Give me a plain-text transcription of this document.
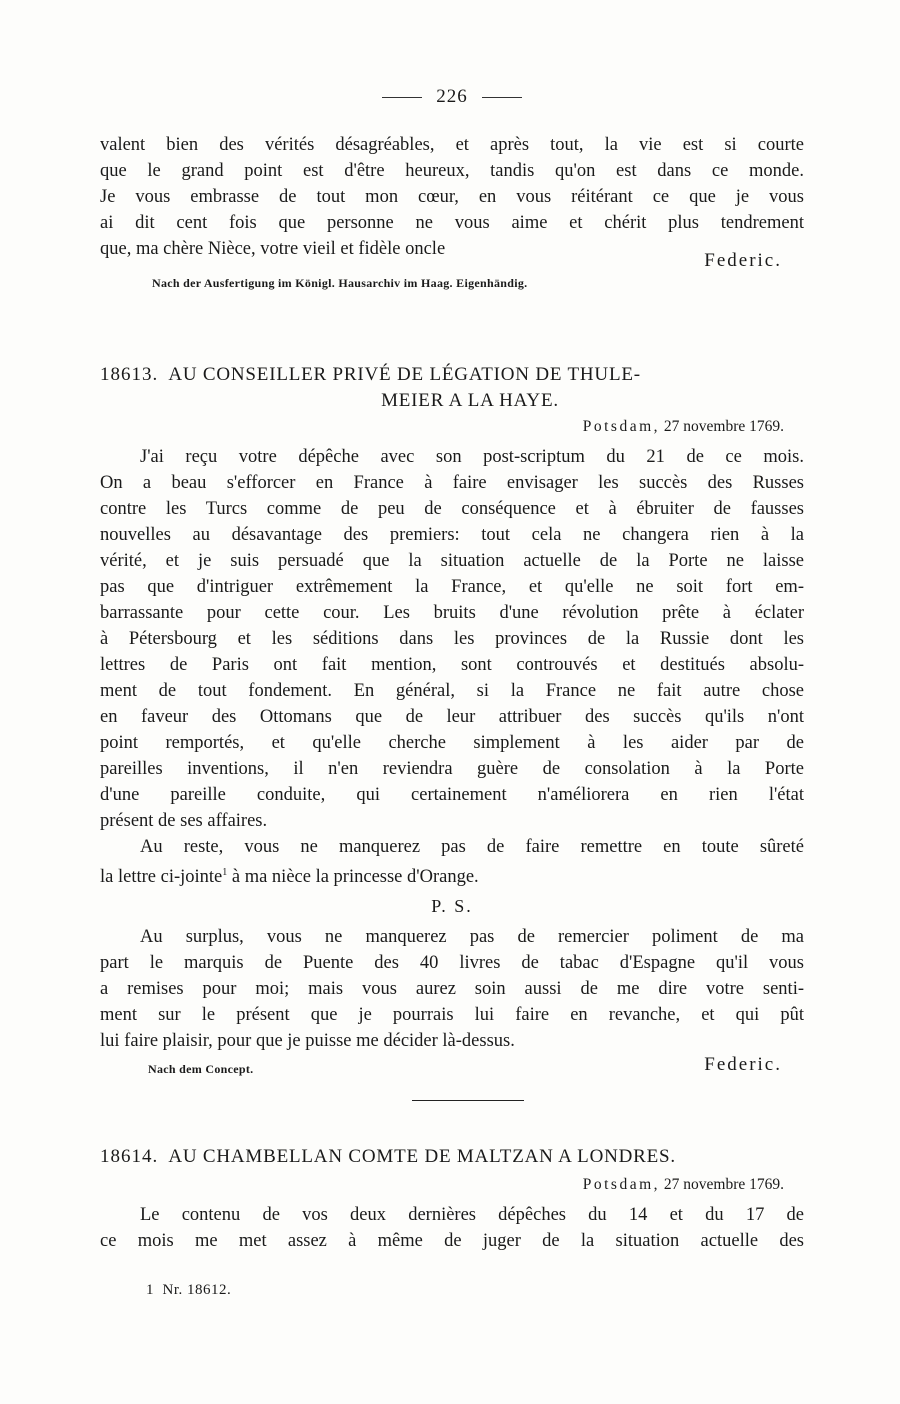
226
valent bien des vérités désagréables, et après tout, la vie est si courte
que le grand point est d'être heureux, tandis qu'on est dans ce monde.
Je vous embrasse de tout mon cœur, en vous réitérant ce que je vous
ai dit cent fois que personne ne vous aime et chérit plus tendrement
que, ma chère Nièce, votre vieil et fidèle oncle
Federic.
Nach der Ausfertigung im Königl. Hausarchiv im Haag. Eigenhändig.
18613. AU CONSEILLER PRIVÉ DE LÉGATION DE THULE-
MEIER A LA HAYE.
Potsdam, 27 novembre 1769.
J'ai reçu votre dépêche avec son post-scriptum du 21 de ce mois.
On a beau s'efforcer en France à faire envisager les succès des Russes
contre les Turcs comme de peu de conséquence et à ébruiter de fausses
nouvelles au désavantage des premiers: tout cela ne changera rien à la
vérité, et je suis persuadé que la situation actuelle de la Porte ne laisse
pas que d'intriguer extrêmement la France, et qu'elle ne soit fort em-
barrassante pour cette cour. Les bruits d'une révolution prête à éclater
à Pétersbourg et les séditions dans les provinces de la Russie dont les
lettres de Paris ont fait mention, sont controuvés et destitués absolu-
ment de tout fondement. En général, si la France ne fait autre chose
en faveur des Ottomans que de leur attribuer des succès qu'ils n'ont
point remportés, et qu'elle cherche simplement à les aider par de
pareilles inventions, il n'en reviendra guère de consolation à la Porte
d'une pareille conduite, qui certainement n'améliorera en rien l'état
présent de ses affaires.
Au reste, vous ne manquerez pas de faire remettre en toute sûreté
la lettre ci-jointe$^1$ à ma nièce la princesse d'Orange.
P. S.
Au surplus, vous ne manquerez pas de remercier poliment de ma
part le marquis de Puente des 40 livres de tabac d'Espagne qu'il vous
a remises pour moi; mais vous aurez soin aussi de me dire votre senti-
ment sur le présent que je pourrais lui faire en revanche, et qui pût
lui faire plaisir, pour que je puisse me décider là-dessus.
Nach dem Concept.	Federic.
18614. AU CHAMBELLAN COMTE DE MALTZAN A LONDRES.
Potsdam, 27 novembre 1769.
Le contenu de vos deux dernières dépêches du 14 et du 17 de
ce mois me met assez à même de juger de la situation actuelle des
1 Nr. 18612.
